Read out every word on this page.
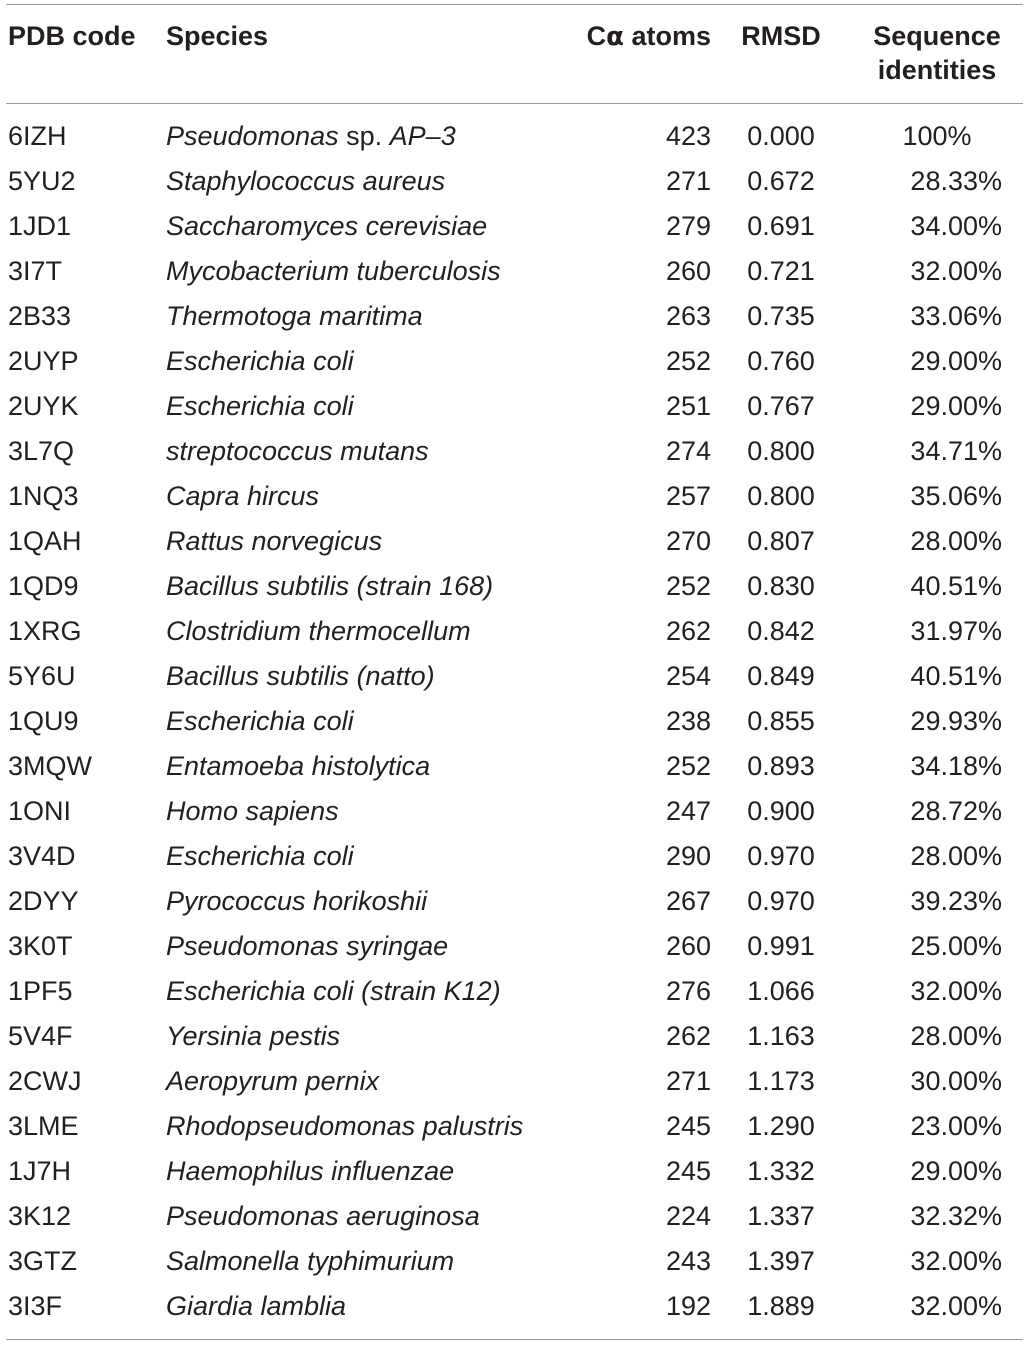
PDB code	Species	Cα atoms	RMSD	Sequence
identities
6IZH	Pseudomonas sp. AP–3	423	0.000	100%
5YU2	Staphylococcus aureus	271	0.672	28.33%
1JD1	Saccharomyces cerevisiae	279	0.691	34.00%
3I7T	Mycobacterium tuberculosis	260	0.721	32.00%
2B33	Thermotoga maritima	263	0.735	33.06%
2UYP	Escherichia coli	252	0.760	29.00%
2UYK	Escherichia coli	251	0.767	29.00%
3L7Q	streptococcus mutans	274	0.800	34.71%
1NQ3	Capra hircus	257	0.800	35.06%
1QAH	Rattus norvegicus	270	0.807	28.00%
1QD9	Bacillus subtilis (strain 168)	252	0.830	40.51%
1XRG	Clostridium thermocellum	262	0.842	31.97%
5Y6U	Bacillus subtilis (natto)	254	0.849	40.51%
1QU9	Escherichia coli	238	0.855	29.93%
3MQW	Entamoeba histolytica	252	0.893	34.18%
1ONI	Homo sapiens	247	0.900	28.72%
3V4D	Escherichia coli	290	0.970	28.00%
2DYY	Pyrococcus horikoshii	267	0.970	39.23%
3K0T	Pseudomonas syringae	260	0.991	25.00%
1PF5	Escherichia coli (strain K12)	276	1.066	32.00%
5V4F	Yersinia pestis	262	1.163	28.00%
2CWJ	Aeropyrum pernix	271	1.173	30.00%
3LME	Rhodopseudomonas palustris	245	1.290	23.00%
1J7H	Haemophilus influenzae	245	1.332	29.00%
3K12	Pseudomonas aeruginosa	224	1.337	32.32%
3GTZ	Salmonella typhimurium	243	1.397	32.00%
3I3F	Giardia lamblia	192	1.889	32.00%
